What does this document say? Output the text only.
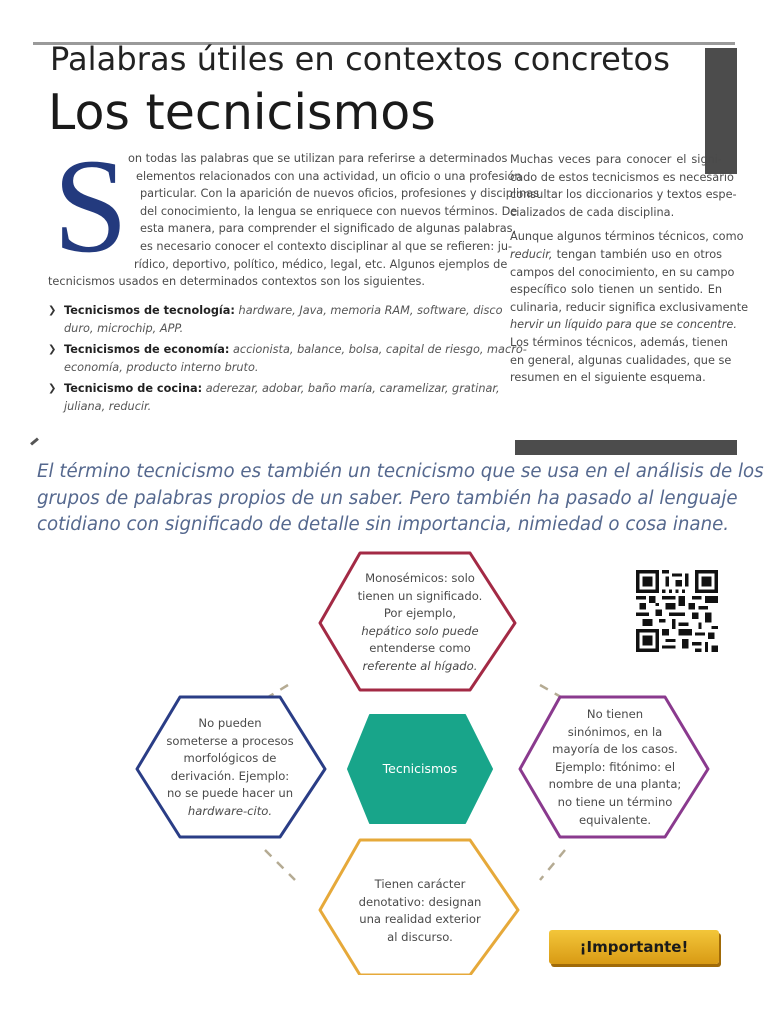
Palabras útiles en contextos concretos
Los tecnicismos
S on todas las palabras que se utilizan para referirse a determinados
elementos relacionados con una actividad, un oficio o una profesión
particular. Con la aparición de nuevos oficios, profesiones y disciplinas
del conocimiento, la lengua se enriquece con nuevos términos. De
esta manera, para comprender el significado de algunas palabras,
es necesario conocer el contexto disciplinar al que se refieren: ju-
rídico, deportivo, político, médico, legal, etc. Algunos ejemplos de
tecnicismos usados en determinados contextos son los siguientes.
❯ Tecnicismos de tecnología: hardware, Java, memoria RAM, software, disco
duro, microchip, APP.
❯ Tecnicismos de economía: accionista, balance, bolsa, capital de riesgo, macro-
economía, producto interno bruto.
❯ Tecnicismo de cocina: aderezar, adobar, baño maría, caramelizar, gratinar,
juliana, reducir.

Muchas veces para conocer el signi-
cado de estos tecnicismos es necesario
consultar los diccionarios y textos espe-
cializados de cada disciplina.

Aunque algunos términos técnicos, como
reducir, tengan también uso en otros
campos del conocimiento, en su campo
específico solo tienen un sentido. En
culinaria, reducir significa exclusivamente
hervir un líquido para que se concentre.
Los términos técnicos, además, tienen
en general, algunas cualidades, que se
resumen en el siguiente esquema.

El término tecnicismo es también un tecnicismo que se usa en el análisis de los
grupos de palabras propios de un saber. Pero también ha pasado al lenguaje
cotidiano con significado de detalle sin importancia, nimiedad o cosa inane.
Tecnicismos
Monosémicos: solo
tienen un significado.
Por ejemplo,
hepático solo puede
entenderse como
referente al hígado.
No pueden
someterse a procesos
morfológicos de
derivación. Ejemplo:
no se puede hacer un
hardware-cito.
No tienen
sinónimos, en la
mayoría de los casos.
Ejemplo: fitónimo: el
nombre de una planta;
no tiene un término
equivalente.
Tienen carácter
denotativo: designan
una realidad exterior
al discurso.
¡Importante!
